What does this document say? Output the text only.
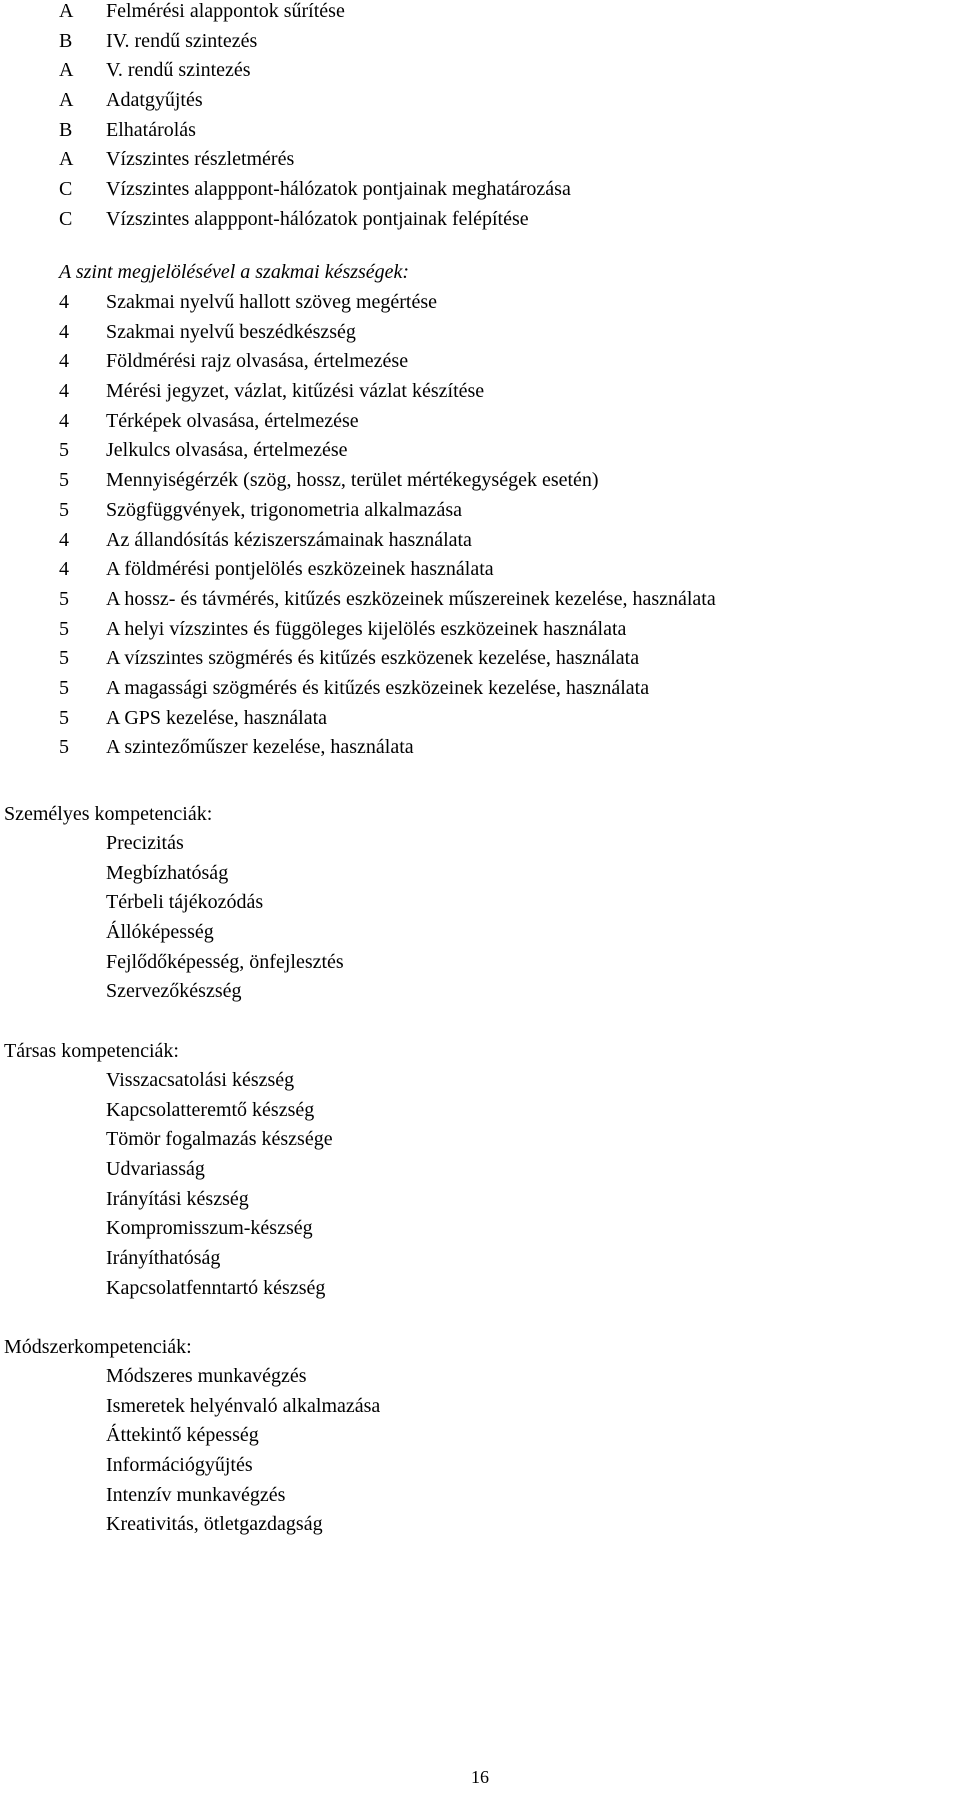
A Felmérési alappontok sűrítése
B IV. rendű szintezés
A V. rendű szintezés
A Adatgyűjtés
B Elhatárolás
A Vízszintes részletmérés
C Vízszintes alapppont-hálózatok pontjainak meghatározása
C Vízszintes alapppont-hálózatok pontjainak felépítése
A szint megjelölésével a szakmai készségek:
4 Szakmai nyelvű hallott szöveg megértése
4 Szakmai nyelvű beszédkészség
4 Földmérési rajz olvasása, értelmezése
4 Mérési jegyzet, vázlat, kitűzési vázlat készítése
4 Térképek olvasása, értelmezése
5 Jelkulcs olvasása, értelmezése
5 Mennyiségérzék (szög, hossz, terület mértékegységek esetén)
5 Szögfüggvények, trigonometria alkalmazása
4 Az állandósítás kéziszerszámainak használata
4 A földmérési pontjelölés eszközeinek használata
5 A hossz- és távmérés, kitűzés eszközeinek műszereinek kezelése, használata
5 A helyi vízszintes és függöleges kijelölés eszközeinek használata
5 A vízszintes szögmérés és kitűzés eszközenek kezelése, használata
5 A magassági szögmérés és kitűzés eszközeinek kezelése, használata
5 A GPS kezelése, használata
5 A szintezőműszer kezelése, használata
Személyes kompetenciák:
Precizitás
Megbízhatóság
Térbeli tájékozódás
Állóképesség
Fejlődőképesség, önfejlesztés
Szervezőkészség
Társas kompetenciák:
Visszacsatolási készség
Kapcsolatteremtő készség
Tömör fogalmazás készsége
Udvariasság
Irányítási készség
Kompromisszum-készség
Irányíthatóság
Kapcsolatfenntartó készség
Módszerkompetenciák:
Módszeres munkavégzés
Ismeretek helyénvaló alkalmazása
Áttekintő képesség
Információgyűjtés
Intenzív munkavégzés
Kreativitás, ötletgazdagság
16
